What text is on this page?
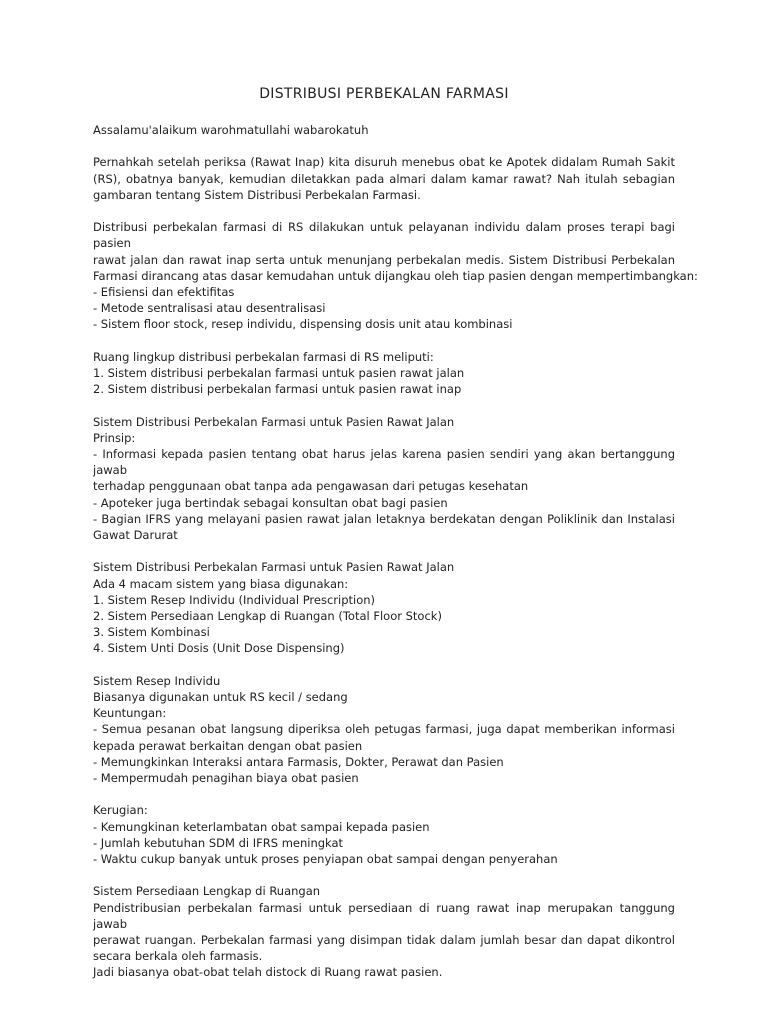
DISTRIBUSI PERBEKALAN FARMASI
Assalamu'alaikum warohmatullahi wabarokatuh
Pernahkah setelah periksa (Rawat Inap) kita disuruh menebus obat ke Apotek didalam Rumah Sakit
(RS), obatnya banyak, kemudian diletakkan pada almari dalam kamar rawat? Nah itulah sebagian
gambaran tentang Sistem Distribusi Perbekalan Farmasi.
Distribusi perbekalan farmasi di RS dilakukan untuk pelayanan individu dalam proses terapi bagi pasien
rawat jalan dan rawat inap serta untuk menunjang perbekalan medis. Sistem Distribusi Perbekalan
Farmasi dirancang atas dasar kemudahan untuk dijangkau oleh tiap pasien dengan mempertimbangkan:
- Efisiensi dan efektifitas
- Metode sentralisasi atau desentralisasi
- Sistem floor stock, resep individu, dispensing dosis unit atau kombinasi
Ruang lingkup distribusi perbekalan farmasi di RS meliputi:
1. Sistem distribusi perbekalan farmasi untuk pasien rawat jalan
2. Sistem distribusi perbekalan farmasi untuk pasien rawat inap
Sistem Distribusi Perbekalan Farmasi untuk Pasien Rawat Jalan
Prinsip:
- Informasi kepada pasien tentang obat harus jelas karena pasien sendiri yang akan bertanggung jawab
terhadap penggunaan obat tanpa ada pengawasan dari petugas kesehatan
- Apoteker juga bertindak sebagai konsultan obat bagi pasien
- Bagian IFRS yang melayani pasien rawat jalan letaknya berdekatan dengan Poliklinik dan Instalasi
Gawat Darurat
Sistem Distribusi Perbekalan Farmasi untuk Pasien Rawat Jalan
Ada 4 macam sistem yang biasa digunakan:
1. Sistem Resep Individu (Individual Prescription)
2. Sistem Persediaan Lengkap di Ruangan (Total Floor Stock)
3. Sistem Kombinasi
4. Sistem Unti Dosis (Unit Dose Dispensing)
Sistem Resep Individu
Biasanya digunakan untuk RS kecil / sedang
Keuntungan:
- Semua pesanan obat langsung diperiksa oleh petugas farmasi, juga dapat memberikan informasi
kepada perawat berkaitan dengan obat pasien
- Memungkinkan Interaksi antara Farmasis, Dokter, Perawat dan Pasien
- Mempermudah penagihan biaya obat pasien
Kerugian:
- Kemungkinan keterlambatan obat sampai kepada pasien
- Jumlah kebutuhan SDM di IFRS meningkat
- Waktu cukup banyak untuk proses penyiapan obat sampai dengan penyerahan
Sistem Persediaan Lengkap di Ruangan
Pendistribusian perbekalan farmasi untuk persediaan di ruang rawat inap merupakan tanggung jawab
perawat ruangan. Perbekalan farmasi yang disimpan tidak dalam jumlah besar dan dapat dikontrol
secara berkala oleh farmasis.
Jadi biasanya obat-obat telah distock di Ruang rawat pasien.
